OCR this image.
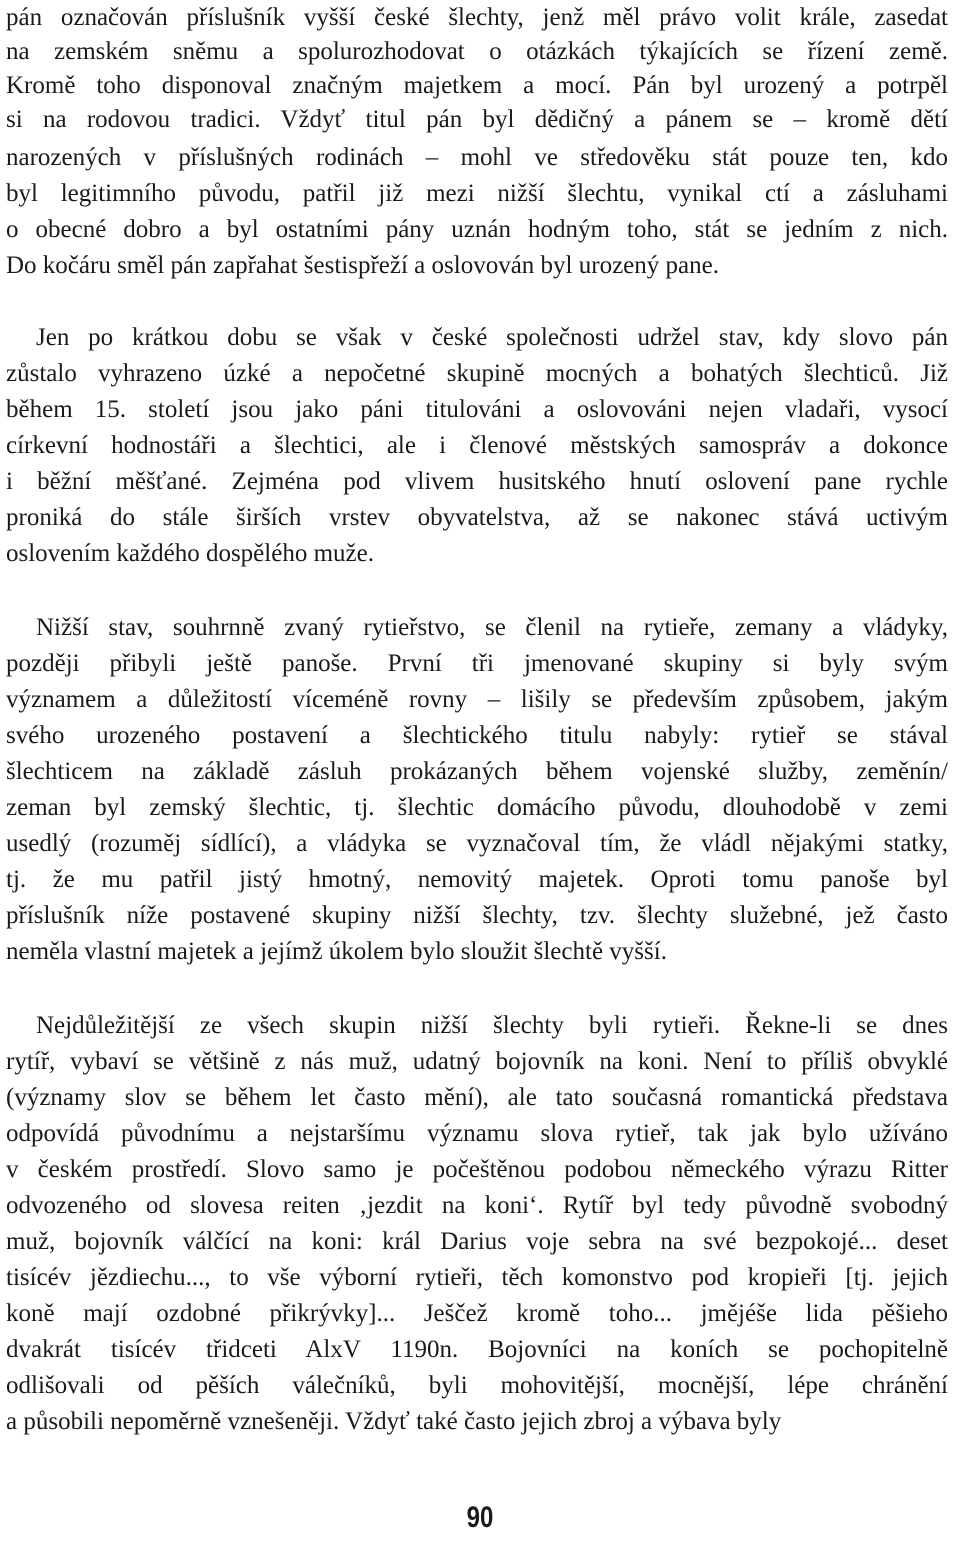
pán označován příslušník vyšší české šlechty, jenž měl právo volit krále, zasedat
na zemském sněmu a spolurozhodovat o otázkách týkajících se řízení země.
Kromě toho disponoval značným majetkem a mocí. Pán byl urozený a potrpěl
si na rodovou tradici. Vždyť titul pán byl dědičný a pánem se – kromě dětí
narozených v příslušných rodinách – mohl ve středověku stát pouze ten, kdo
byl legitimního původu, patřil již mezi nižší šlechtu, vynikal ctí a zásluhami
o obecné dobro a byl ostatními pány uznán hodným toho, stát se jedním z nich.
Do kočáru směl pán zapřahat šestispřeží a oslovován byl urozený pane.
Jen po krátkou dobu se však v české společnosti udržel stav, kdy slovo pán
zůstalo vyhrazeno úzké a nepočetné skupině mocných a bohatých šlechticů. Již
během 15. století jsou jako páni titulováni a oslovováni nejen vladaři, vysocí
církevní hodnostáři a šlechtici, ale i členové městských samospráv a dokonce
i běžní měšťané. Zejména pod vlivem husitského hnutí oslovení pane rychle
proniká do stále širších vrstev obyvatelstva, až se nakonec stává uctivým
oslovením každého dospělého muže.
Nižší stav, souhrnně zvaný rytieřstvo, se členil na rytieře, zemany a vládyky,
později přibyli ještě panoše. První tři jmenované skupiny si byly svým
významem a důležitostí víceméně rovny – lišily se především způsobem, jakým
svého urozeného postavení a šlechtického titulu nabyly: rytieř se stával
šlechticem na základě zásluh prokázaných během vojenské služby, zeměnín/
zeman byl zemský šlechtic, tj. šlechtic domácího původu, dlouhodobě v zemi
usedlý (rozuměj sídlící), a vládyka se vyznačoval tím, že vládl nějakými statky,
tj. že mu patřil jistý hmotný, nemovitý majetek. Oproti tomu panoše byl
příslušník níže postavené skupiny nižší šlechty, tzv. šlechty služebné, jež často
neměla vlastní majetek a jejímž úkolem bylo sloužit šlechtě vyšší.
Nejdůležitější ze všech skupin nižší šlechty byli rytieři. Řekne-li se dnes
rytíř, vybaví se většině z nás muž, udatný bojovník na koni. Není to příliš obvyklé
(významy slov se během let často mění), ale tato současná romantická představa
odpovídá původnímu a nejstaršímu významu slova rytieř, tak jak bylo užíváno
v českém prostředí. Slovo samo je počeštěnou podobou německého výrazu Ritter
odvozeného od slovesa reiten ‚jezdit na koni‘. Rytíř byl tedy původně svobodný
muž, bojovník válčící na koni: král Darius voje sebra na své bezpokojé... deset
tisícév jězdiechu..., to vše výborní rytieři, těch komonstvo pod kropieři [tj. jejich
koně mají ozdobné přikrývky]... Ješčež kromě toho... jmějéše lida pěšieho
dvakrát tisícév třidceti AlxV 1190n. Bojovníci na koních se pochopitelně
odlišovali od pěších válečníků, byli mohovitější, mocnější, lépe chránění
a působili nepoměrně vznešeněji. Vždyť také často jejich zbroj a výbava byly
90
